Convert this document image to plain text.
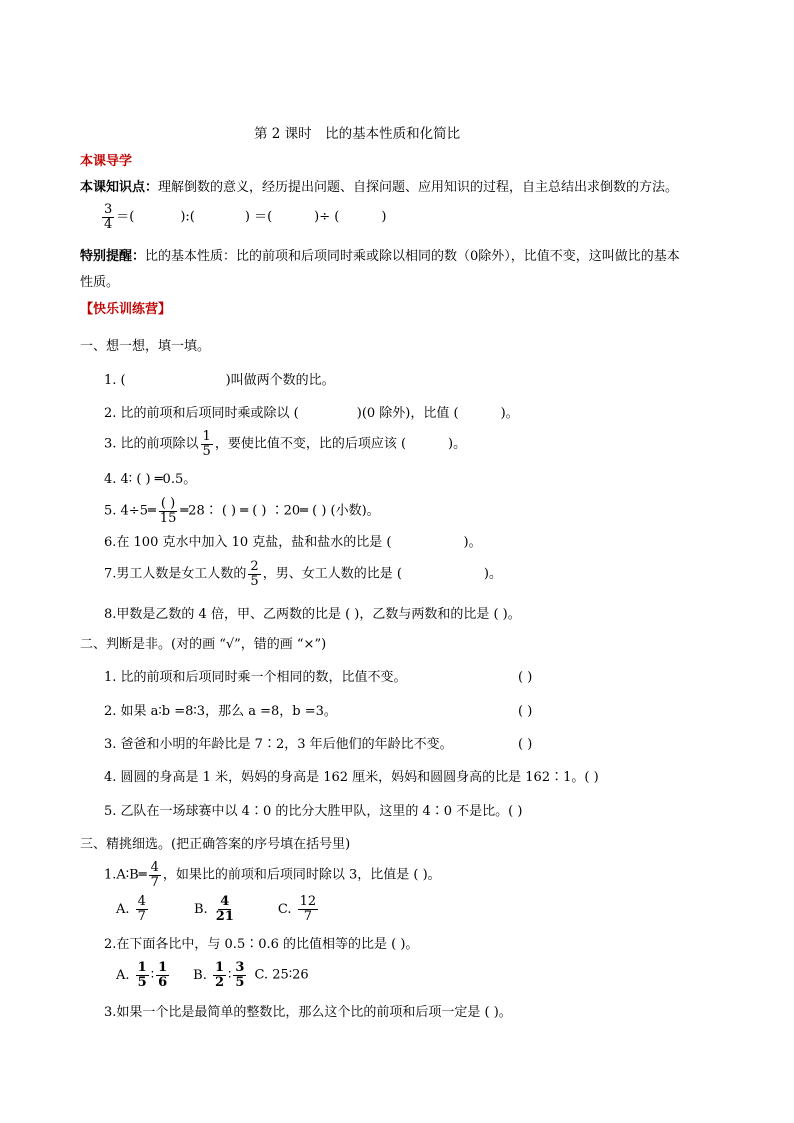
第 2 课时　比的基本性质和化简比
本课导学
本课知识点：理解倒数的意义，经历提出问题、自探问题、应用知识的过程，自主总结出求倒数的方法。
$\frac{3}{4}$ ＝(	):(	) ＝(	)÷ (	)
特别提醒：比的基本性质：比的前项和后项同时乘或除以相同的数（0除外），比值不变，这叫做比的基本
性质。
【快乐训练营】
一、想一想，填一填。
1. (	)叫做两个数的比。
2. 比的前项和后项同时乘或除以 (	)(0 除外)，比值 (	)。
3. 比的前项除以 $\frac{1}{5}$ ，要使比值不变，比的后项应该 (	)。
4. 4∶ ( ) ═0.5。
5. 4÷5═ $\frac{( )}{15}$ ═28∶ ( ) ═ ( ) ∶20═ ( ) (小数)。
6.在 100 克水中加入 10 克盐，盐和盐水的比是 (	)。
7.男工人数是女工人数的 $\frac{2}{5}$ ，男、女工人数的比是 (	)。
8.甲数是乙数的 4 倍，甲、乙两数的比是 ( )，乙数与两数和的比是 ( )。
二、判断是非。(对的画 “√”，错的画 “×”)
1. 比的前项和后项同时乘一个相同的数，比值不变。	( )
2. 如果 a∶b =8∶3，那么 a =8，b =3。	( )
3. 爸爸和小明的年龄比是 7∶2，3 年后他们的年龄比不变。	( )
4. 圆圆的身高是 1 米，妈妈的身高是 162 厘米，妈妈和圆圆身高的比是 162∶1。( )
5. 乙队在一场球赛中以 4∶0 的比分大胜甲队，这里的 4∶0 不是比。( )
三、精挑细选。(把正确答案的序号填在括号里)
1.A∶B═ $\frac{4}{7}$ ，如果比的前项和后项同时除以 3，比值是 ( )。
A. $\frac{4}{7}$	B. $\frac{4}{21}$	C. $\frac{12}{7}$
2.在下面各比中，与 0.5∶0.6 的比值相等的比是 ( )。
A. $\frac{1}{5}$ ∶ $\frac{1}{6} B$. $\frac{1}{2}$ ∶ $\frac{3}{5} C$. 25∶26
3.如果一个比是最简单的整数比，那么这个比的前项和后项一定是 ( )。
